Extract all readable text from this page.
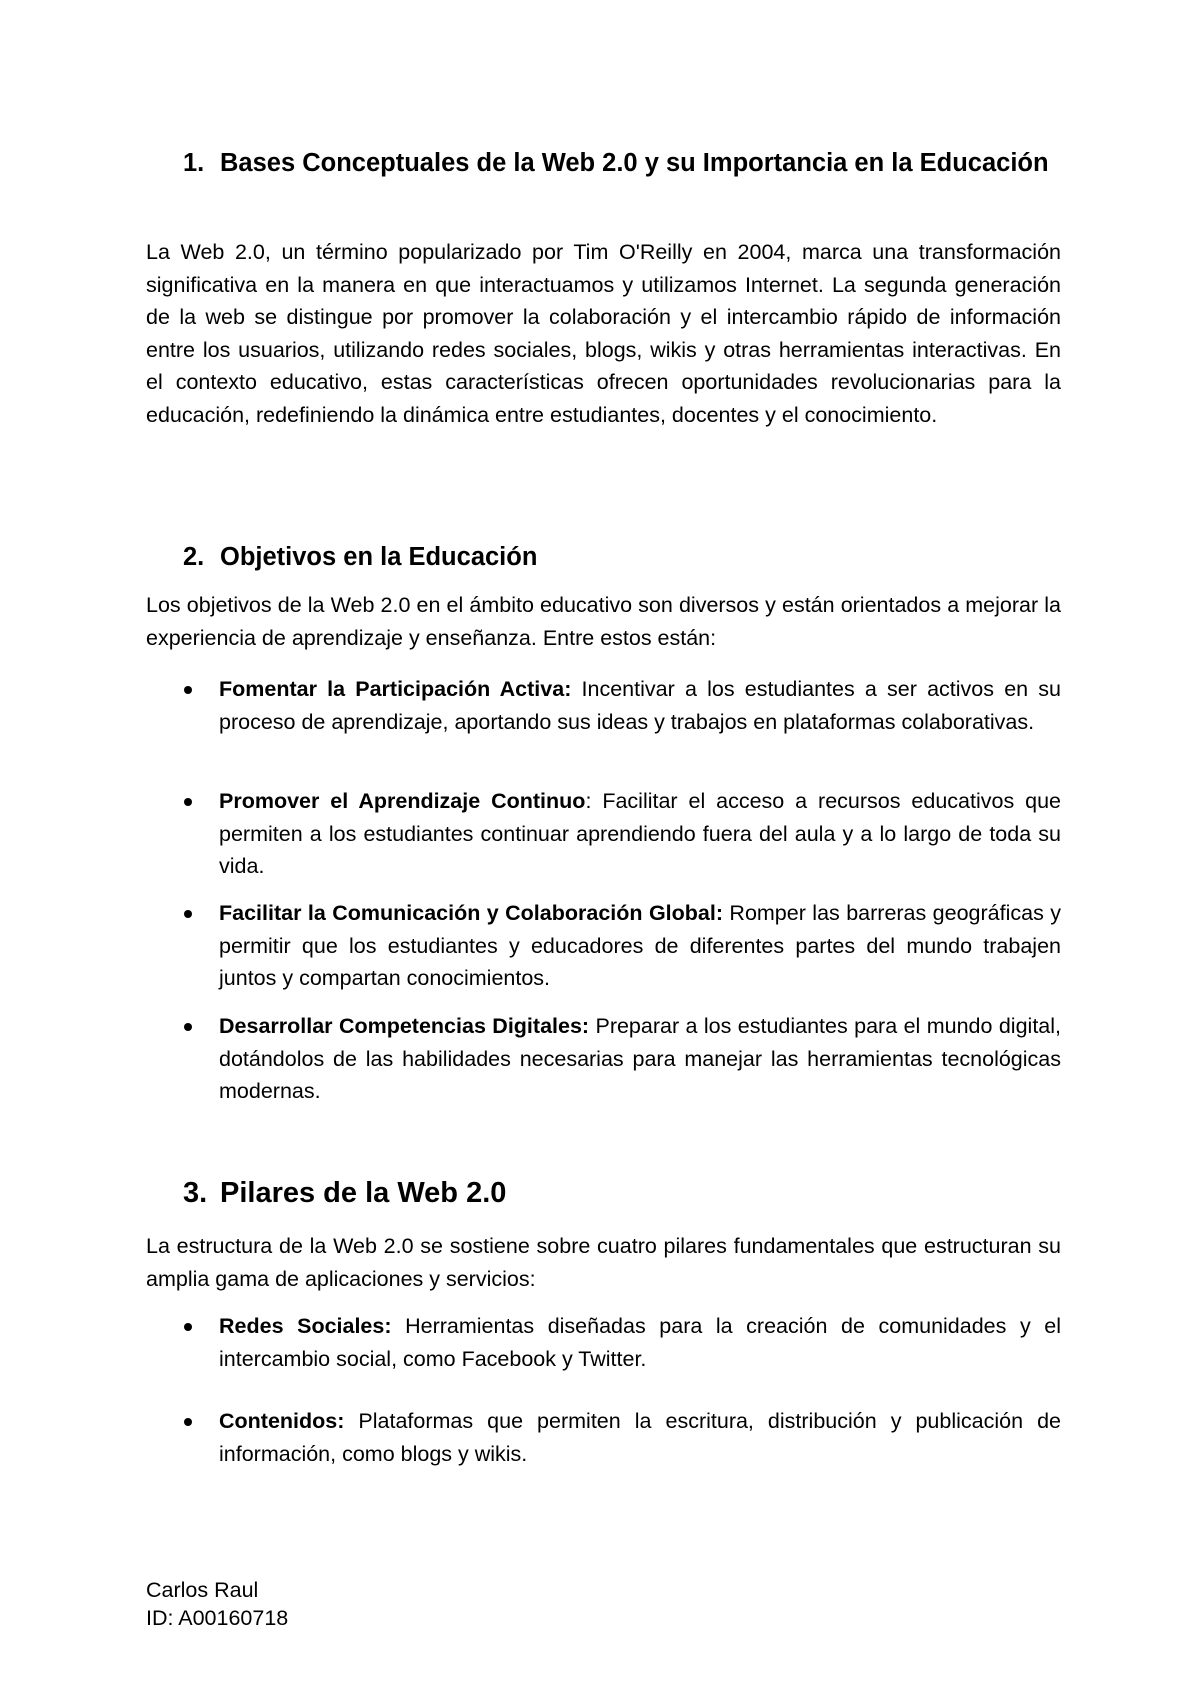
1. Bases Conceptuales de la Web 2.0 y su Importancia en la Educación

La Web 2.0, un término popularizado por Tim O'Reilly en 2004, marca una transformación significativa en la manera en que interactuamos y utilizamos Internet. La segunda generación de la web se distingue por promover la colaboración y el intercambio rápido de información entre los usuarios, utilizando redes sociales, blogs, wikis y otras herramientas interactivas. En el contexto educativo, estas características ofrecen oportunidades revolucionarias para la educación, redefiniendo la dinámica entre estudiantes, docentes y el conocimiento.

2. Objetivos en la Educación

Los objetivos de la Web 2.0 en el ámbito educativo son diversos y están orientados a mejorar la experiencia de aprendizaje y enseñanza. Entre estos están:

Fomentar la Participación Activa: Incentivar a los estudiantes a ser activos en su proceso de aprendizaje, aportando sus ideas y trabajos en plataformas colaborativas.

Promover el Aprendizaje Continuo: Facilitar el acceso a recursos educativos que permiten a los estudiantes continuar aprendiendo fuera del aula y a lo largo de toda su vida.

Facilitar la Comunicación y Colaboración Global: Romper las barreras geográficas y permitir que los estudiantes y educadores de diferentes partes del mundo trabajen juntos y compartan conocimientos.

Desarrollar Competencias Digitales: Preparar a los estudiantes para el mundo digital, dotándolos de las habilidades necesarias para manejar las herramientas tecnológicas modernas.

3. Pilares de la Web 2.0

La estructura de la Web 2.0 se sostiene sobre cuatro pilares fundamentales que estructuran su amplia gama de aplicaciones y servicios:

Redes Sociales: Herramientas diseñadas para la creación de comunidades y el intercambio social, como Facebook y Twitter.

Contenidos: Plataformas que permiten la escritura, distribución y publicación de información, como blogs y wikis.

Carlos Raul
ID: A00160718
